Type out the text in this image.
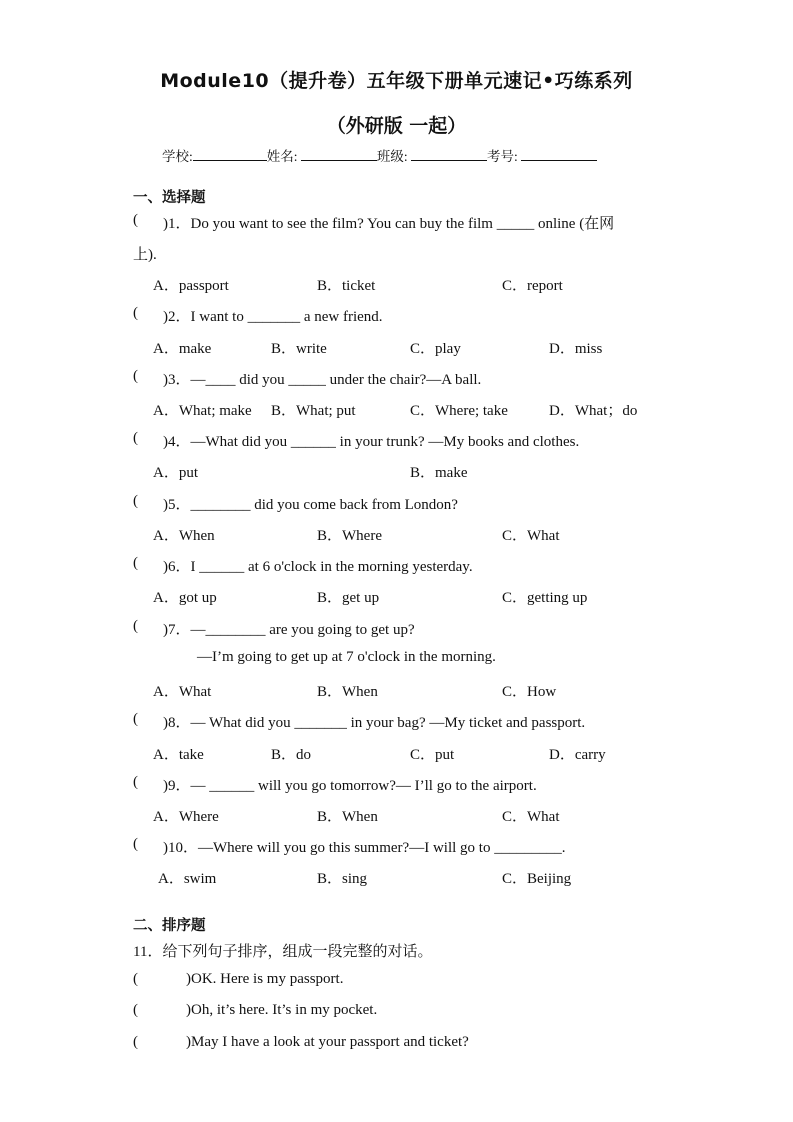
Module10（提升卷）五年级下册单元速记•巧练系列
（外研版 一起）
学校:	姓名:	班级:	考号:
一、选择题
( )1．Do you want to see the film? You can buy the film _____ online (在网
上).
A．passport	B．ticket	C．report
( )2．I want to _______ a new friend.
A．make	B．write	C．play	D．miss
( )3．—____ did you _____ under the chair?—A ball.
A．What; make B．What; put	C．Where; take	D．What；do
( )4．—What did you ______ in your trunk? —My books and clothes.
A．put	B．make
( )5．________ did you come back from London?
A．When	B．Where	C．What
( )6．I ______ at 6 o'clock in the morning yesterday.
A．got up	B．get up	C．getting up
( )7．—________ are you going to get up?
—I’m going to get up at 7 o'clock in the morning.
A．What	B．When	C．How
( )8．— What did you _______ in your bag? —My ticket and passport.
A．take	B．do	C．put	D．carry
( )9．— ______ will you go tomorrow?— I’ll go to the airport.
A．Where	B．When	C．What
( )10．—Where will you go this summer?—I will go to _________.
A．swim	B．sing	C．Beijing
二、排序题
11．给下列句子排序，组成一段完整的对话。
(	)OK. Here is my passport.
(	)Oh, it’s here. It’s in my pocket.
(	)May I have a look at your passport and ticket?
